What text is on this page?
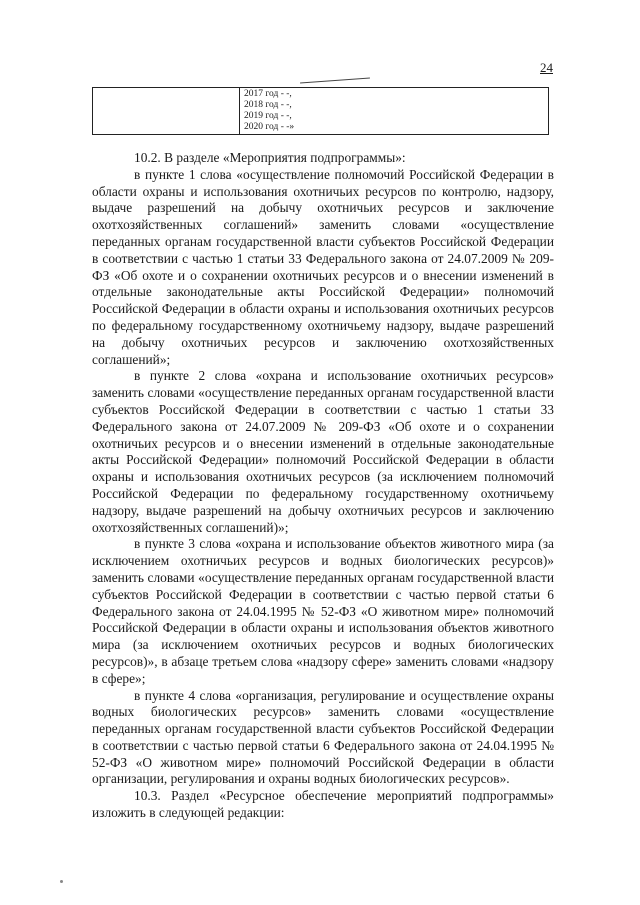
24

2017 год - -,
2018 год - -,
2019 год - -,
2020 год - -»

10.2. В разделе «Мероприятия подпрограммы»:

в пункте 1 слова «осуществление полномочий Российской Федерации в области охраны и использования охотничьих ресурсов по контролю, надзору, выдаче разрешений на добычу охотничьих ресурсов и заключение охотхозяйственных соглашений» заменить словами «осуществление переданных органам государственной власти субъектов Российской Федерации в соответствии с частью 1 статьи 33 Федерального закона от 24.07.2009 № 209-ФЗ «Об охоте и о сохранении охотничьих ресурсов и о внесении изменений в отдельные законодательные акты Российской Федерации» полномочий Российской Федерации в области охраны и использования охотничьих ресурсов по федеральному государственному охотничьему надзору, выдаче разрешений на добычу охотничьих ресурсов и заключению охотхозяйственных соглашений»;

в пункте 2 слова «охрана и использование охотничьих ресурсов» заменить словами «осуществление переданных органам государственной власти субъектов Российской Федерации в соответствии с частью 1 статьи 33 Федерального закона от 24.07.2009 № 209-ФЗ «Об охоте и о сохранении охотничьих ресурсов и о внесении изменений в отдельные законодательные акты Российской Федерации» полномочий Российской Федерации в области охраны и использования охотничьих ресурсов (за исключением полномочий Российской Федерации по федеральному государственному охотничьему надзору, выдаче разрешений на добычу охотничьих ресурсов и заключению охотхозяйственных соглашений)»;

в пункте 3 слова «охрана и использование объектов животного мира (за исключением охотничьих ресурсов и водных биологических ресурсов)» заменить словами «осуществление переданных органам государственной власти субъектов Российской Федерации в соответствии с частью первой статьи 6 Федерального закона от 24.04.1995 № 52-ФЗ «О животном мире» полномочий Российской Федерации в области охраны и использования объектов животного мира (за исключением охотничьих ресурсов и водных биологических ресурсов)», в абзаце третьем слова «надзору сфере» заменить словами «надзору в сфере»;

в пункте 4 слова «организация, регулирование и осуществление охраны водных биологических ресурсов» заменить словами «осуществление переданных органам государственной власти субъектов Российской Федерации в соответствии с частью первой статьи 6 Федерального закона от 24.04.1995 № 52-ФЗ «О животном мире» полномочий Российской Федерации в области организации, регулирования и охраны водных биологических ресурсов».

10.3. Раздел «Ресурсное обеспечение мероприятий подпрограммы» изложить в следующей редакции:
